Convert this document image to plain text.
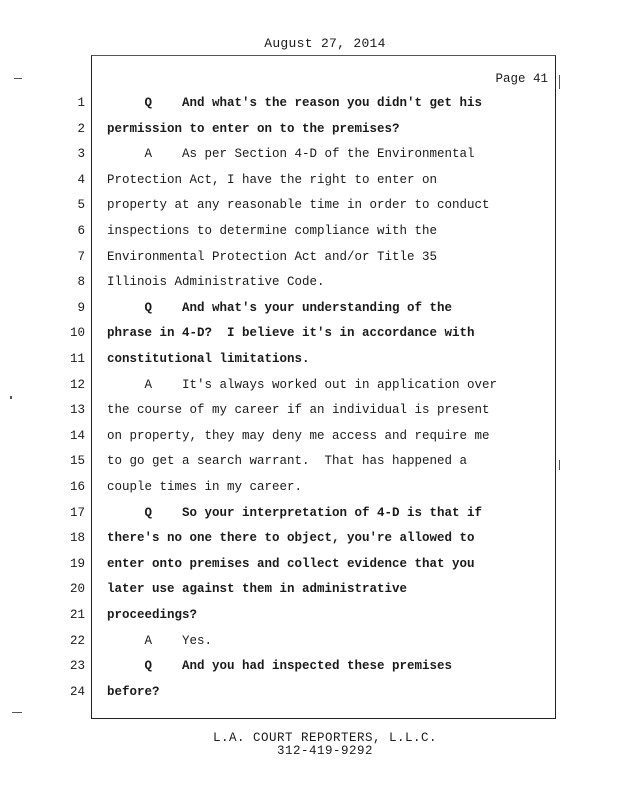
August 27, 2014
Page 41
1 Q    And what's the reason you didn't get his
2 permission to enter on to the premises?
3 A    As per Section 4-D of the Environmental
4 Protection Act, I have the right to enter on
5 property at any reasonable time in order to conduct
6 inspections to determine compliance with the
7 Environmental Protection Act and/or Title 35
8 Illinois Administrative Code.
9 Q    And what's your understanding of the
10 phrase in 4-D?  I believe it's in accordance with
11 constitutional limitations.
12 A    It's always worked out in application over
13 the course of my career if an individual is present
14 on property, they may deny me access and require me
15 to go get a search warrant.  That has happened a
16 couple times in my career.
17 Q    So your interpretation of 4-D is that if
18 there's no one there to object, you're allowed to
19 enter onto premises and collect evidence that you
20 later use against them in administrative
21 proceedings?
22 A    Yes.
23 Q    And you had inspected these premises
24 before?
L.A. COURT REPORTERS, L.L.C.
312-419-9292
